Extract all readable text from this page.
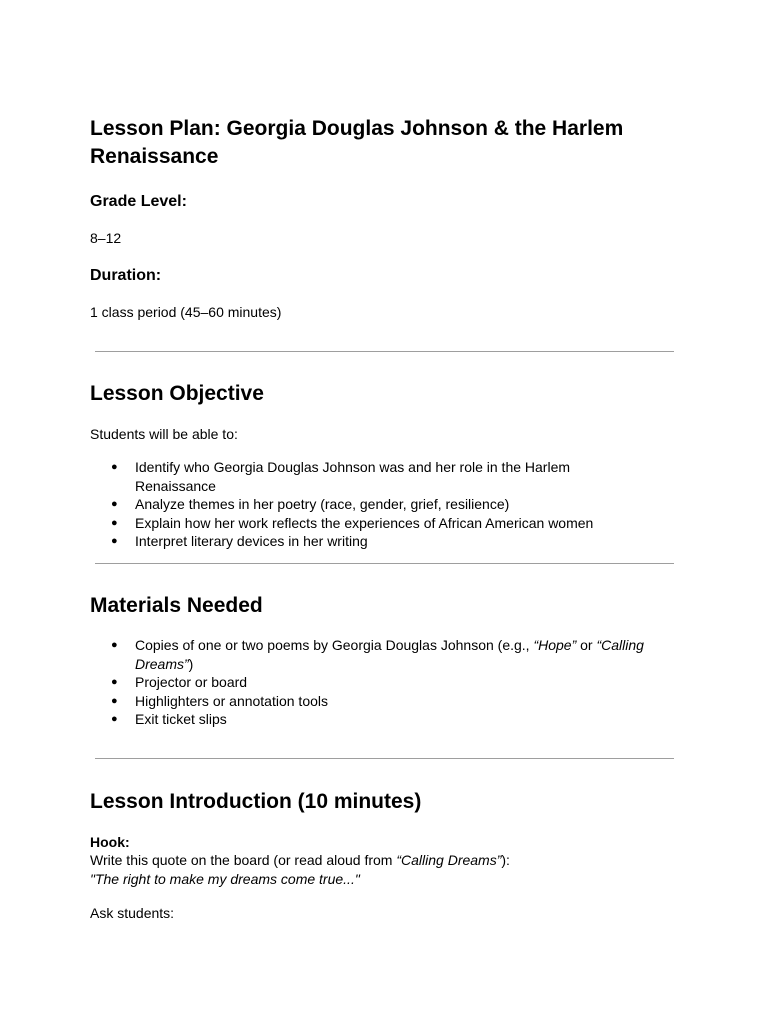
Lesson Plan: Georgia Douglas Johnson & the Harlem Renaissance
Grade Level:

8–12

Duration:

1 class period (45–60 minutes)

Lesson Objective

Students will be able to:

● Identify who Georgia Douglas Johnson was and her role in the Harlem Renaissance
● Analyze themes in her poetry (race, gender, grief, resilience)
● Explain how her work reflects the experiences of African American women
● Interpret literary devices in her writing
Materials Needed
● Copies of one or two poems by Georgia Douglas Johnson (e.g., “Hope” or “Calling Dreams”)
● Projector or board
● Highlighters or annotation tools
● Exit ticket slips
Lesson Introduction (10 minutes)

Hook:

Write this quote on the board (or read aloud from “Calling Dreams”):

"The right to make my dreams come true..."

Ask students:
